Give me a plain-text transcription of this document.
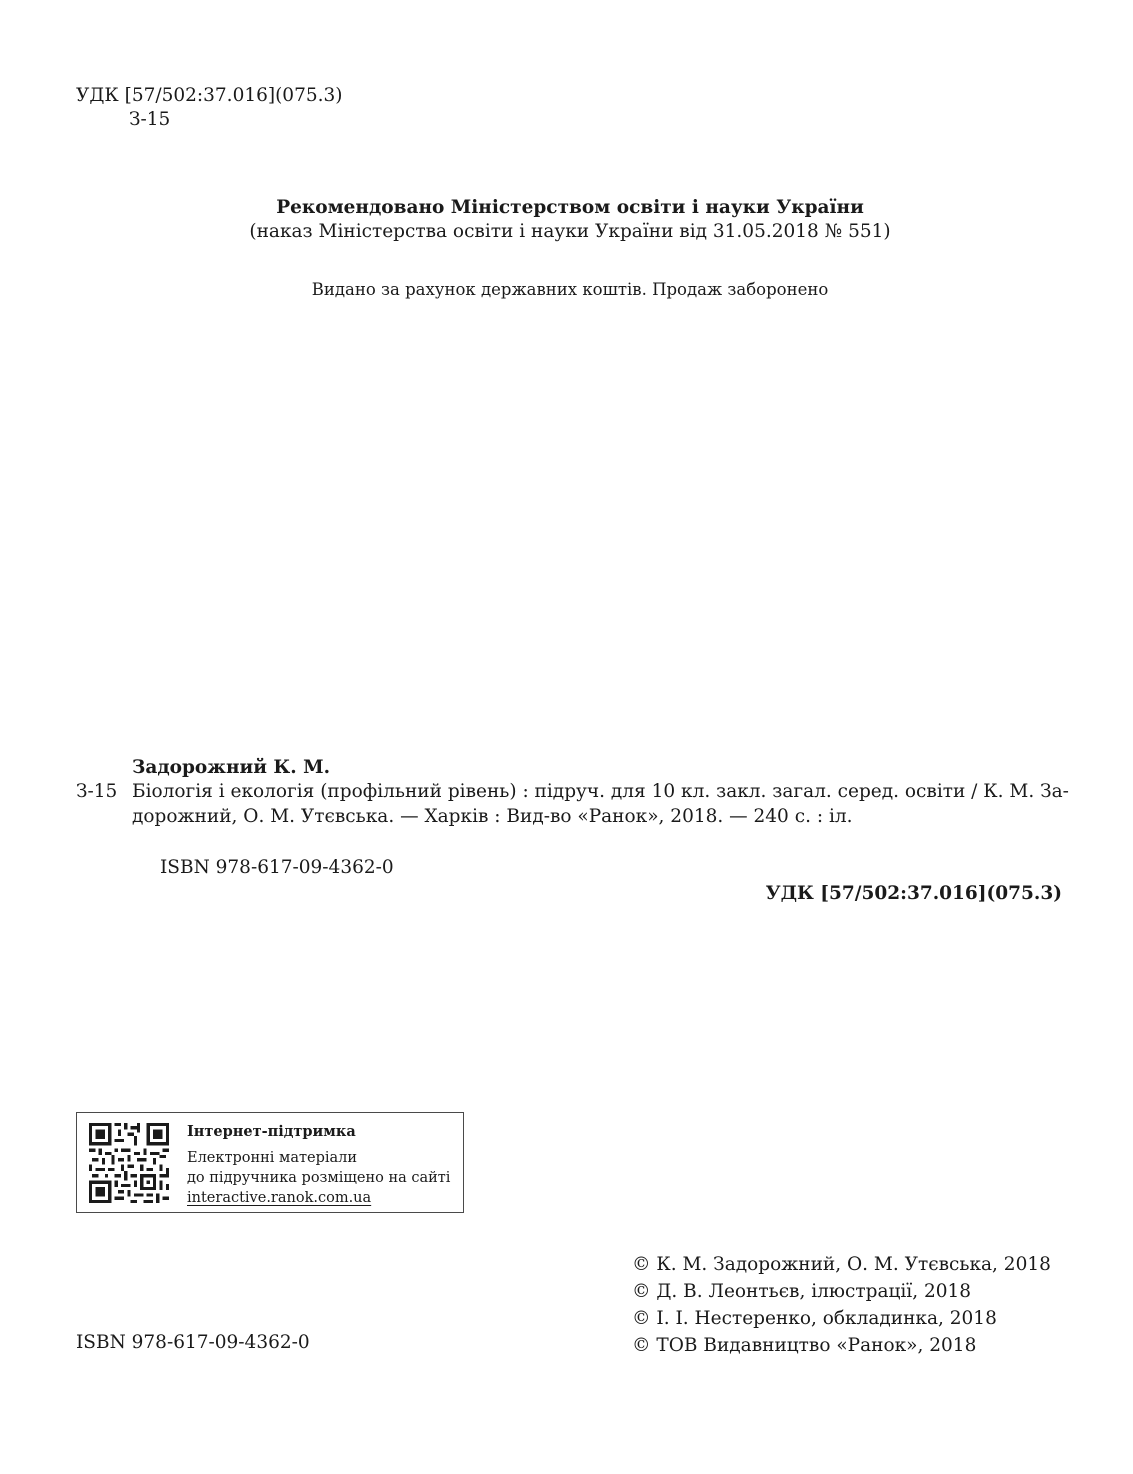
УДК [57/502:37.016](075.3)
З-15
Рекомендовано Міністерством освіти і науки України
(наказ Міністерства освіти і науки України від 31.05.2018 № 551)
Видано за рахунок державних коштів. Продаж заборонено
Задорожний К. М.
З-15 Біологія і екологія (профільний рівень) : підруч. для 10 кл. закл. загал. серед. освіти / К. М. За-
дорожний, О. М. Утєвська. — Харків : Вид-во «Ранок», 2018. — 240 с. : іл.
ISBN 978-617-09-4362-0
УДК [57/502:37.016](075.3)
Інтернет-підтримка
Електронні матеріали
до підручника розміщено на сайті
interactive.ranok.com.ua
© К. М. Задорожний, О. М. Утєвська, 2018
© Д. В. Леонтьєв, ілюстрації, 2018
© І. І. Нестеренко, обкладинка, 2018
© ТОВ Видавництво «Ранок», 2018
ISBN 978-617-09-4362-0
